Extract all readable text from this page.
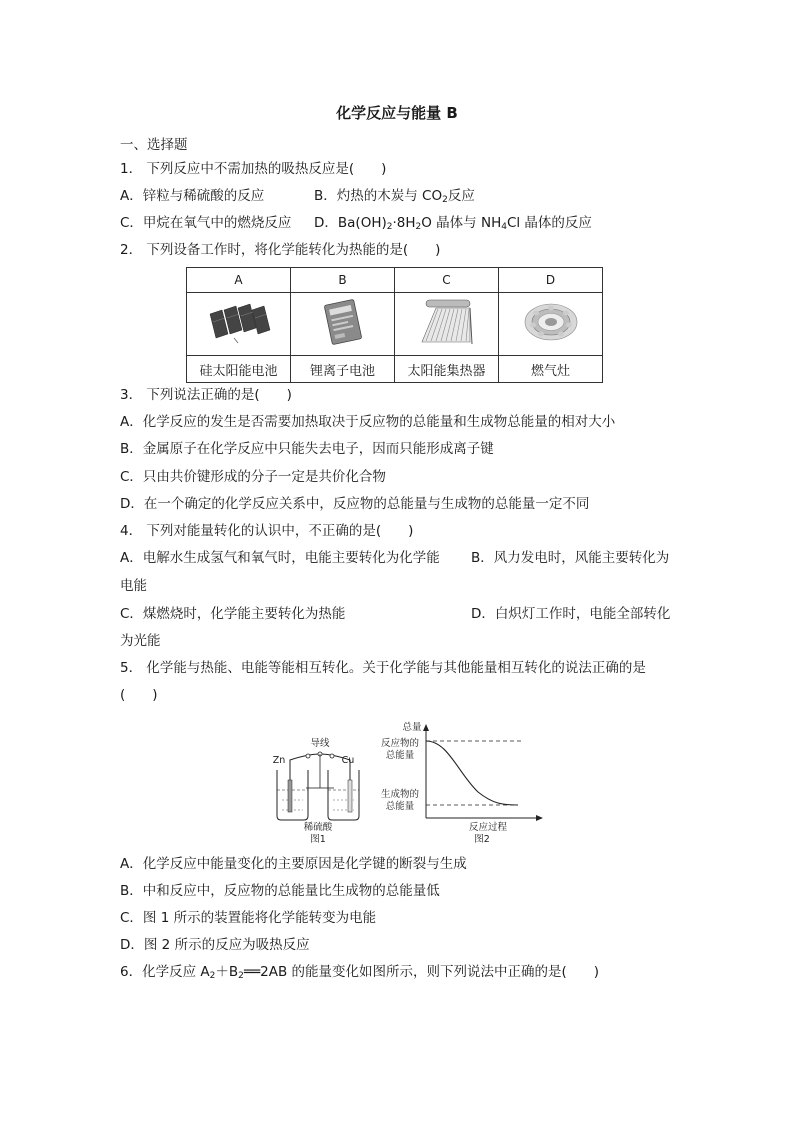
化学反应与能量 B
一、选择题
1． 下列反应中不需加热的吸热反应是(　　)
A．锌粒与稀硫酸的反应	B．灼热的木炭与 $CO_2$反应
C．甲烷在氧气中的燃烧反应 D．$Ba(OH)_2\cdot 8H_2O$ 晶体与 $NH_4Cl$ 晶体的反应
2． 下列设备工作时，将化学能转化为热能的是(　　)
A	B	C	D

硅太阳能电池	锂离子电池	太阳能集热器	燃气灶
3． 下列说法正确的是(　　)
A．化学反应的发生是否需要加热取决于反应物的总能量和生成物总能量的相对大小
B．金属原子在化学反应中只能失去电子，因而只能形成离子键
C．只由共价键形成的分子一定是共价化合物
D．在一个确定的化学反应关系中，反应物的总能量与生成物的总能量一定不同
4． 下列对能量转化的认识中，不正确的是(　　)
A．电解水生成氢气和氧气时，电能主要转化为化学能 B．风力发电时，风能主要转化为
电能
C．煤燃烧时，化学能主要转化为热能	D．白炽灯工作时，电能全部转化
为光能
5． 化学能与热能、电能等能相互转化。关于化学能与其他能量相互转化的说法正确的是
(　　)
导线
Zn	Cu
稀硫酸
图1
总量
反应物的
总能量
生成物的
总能量
反应过程
图2
A．化学反应中能量变化的主要原因是化学键的断裂与生成
B．中和反应中，反应物的总能量比生成物的总能量低
C．图 1 所示的装置能将化学能转变为电能
D．图 2 所示的反应为吸热反应
6．化学反应 $A_2+B_2══2AB$ 的能量变化如图所示，则下列说法中正确的是(　　)
